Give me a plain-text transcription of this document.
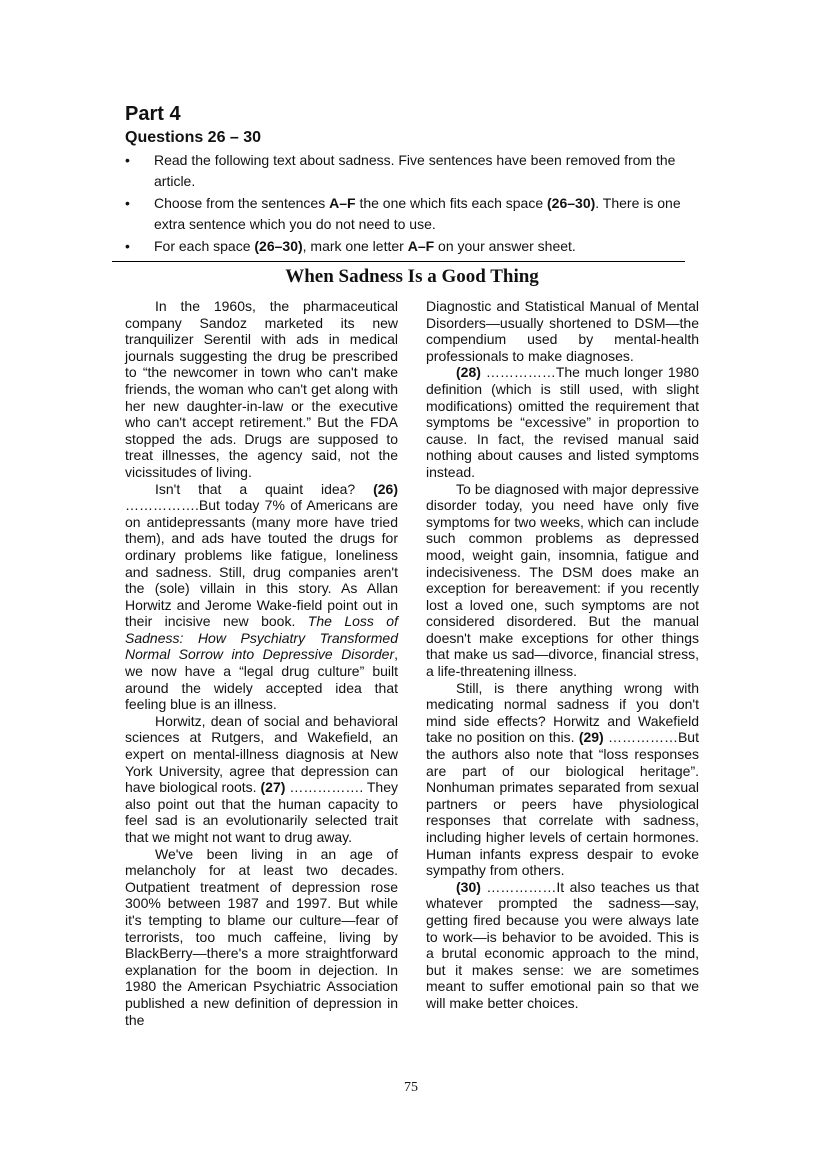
Part 4
Questions 26 – 30
• Read the following text about sadness. Five sentences have been removed from the article.
• Choose from the sentences A–F the one which fits each space (26–30). There is one extra sentence which you do not need to use.
• For each space (26–30), mark one letter A–F on your answer sheet.
When Sadness Is a Good Thing

In the 1960s, the pharmaceutical company Sandoz marketed its new tranquilizer Serentil with ads in medical journals suggesting the drug be prescribed to “the newcomer in town who can't make friends, the woman who can't get along with her new daughter-in-law or the executive who can't accept retirement.” But the FDA stopped the ads. Drugs are supposed to treat illnesses, the agency said, not the vicissitudes of living.

Isn't that a quaint idea? (26) …………….But today 7% of Americans are on antidepressants (many more have tried them), and ads have touted the drugs for ordinary problems like fatigue, loneliness and sadness. Still, drug companies aren't the (sole) villain in this story. As Allan Horwitz and Jerome Wake-field point out in their incisive new book. The Loss of Sadness: How Psychiatry Transformed Normal Sorrow into Depressive Disorder, we now have a “legal drug culture” built around the widely accepted idea that feeling blue is an illness.

Horwitz, dean of social and behavioral sciences at Rutgers, and Wakefield, an expert on mental-illness diagnosis at New York University, agree that depression can have biological roots. (27) ……………. They also point out that the human capacity to feel sad is an evolutionarily selected trait that we might not want to drug away.

We've been living in an age of melancholy for at least two decades. Outpatient treatment of depression rose 300% between 1987 and 1997. But while it's tempting to blame our culture—fear of terrorists, too much caffeine, living by BlackBerry—there's a more straightforward explanation for the boom in dejection. In 1980 the American Psychiatric Association published a new definition of depression in the

Diagnostic and Statistical Manual of Mental Disorders—usually shortened to DSM—the compendium used by mental-health professionals to make diagnoses.

(28) ……………The much longer 1980 definition (which is still used, with slight modifications) omitted the requirement that symptoms be “excessive” in proportion to cause. In fact, the revised manual said nothing about causes and listed symptoms instead.

To be diagnosed with major depressive disorder today, you need have only five symptoms for two weeks, which can include such common problems as depressed mood, weight gain, insomnia, fatigue and indecisiveness. The DSM does make an exception for bereavement: if you recently lost a loved one, such symptoms are not considered disordered. But the manual doesn't make exceptions for other things that make us sad—divorce, financial stress, a life-threatening illness.

Still, is there anything wrong with medicating normal sadness if you don't mind side effects? Horwitz and Wakefield take no position on this. (29) ……………But the authors also note that “loss responses are part of our biological heritage”. Nonhuman primates separated from sexual partners or peers have physiological responses that correlate with sadness, including higher levels of certain hormones. Human infants express despair to evoke sympathy from others.

(30) ……………It also teaches us that whatever prompted the sadness—say, getting fired because you were always late to work—is behavior to be avoided. This is a brutal economic approach to the mind, but it makes sense: we are sometimes meant to suffer emotional pain so that we will make better choices.

75
